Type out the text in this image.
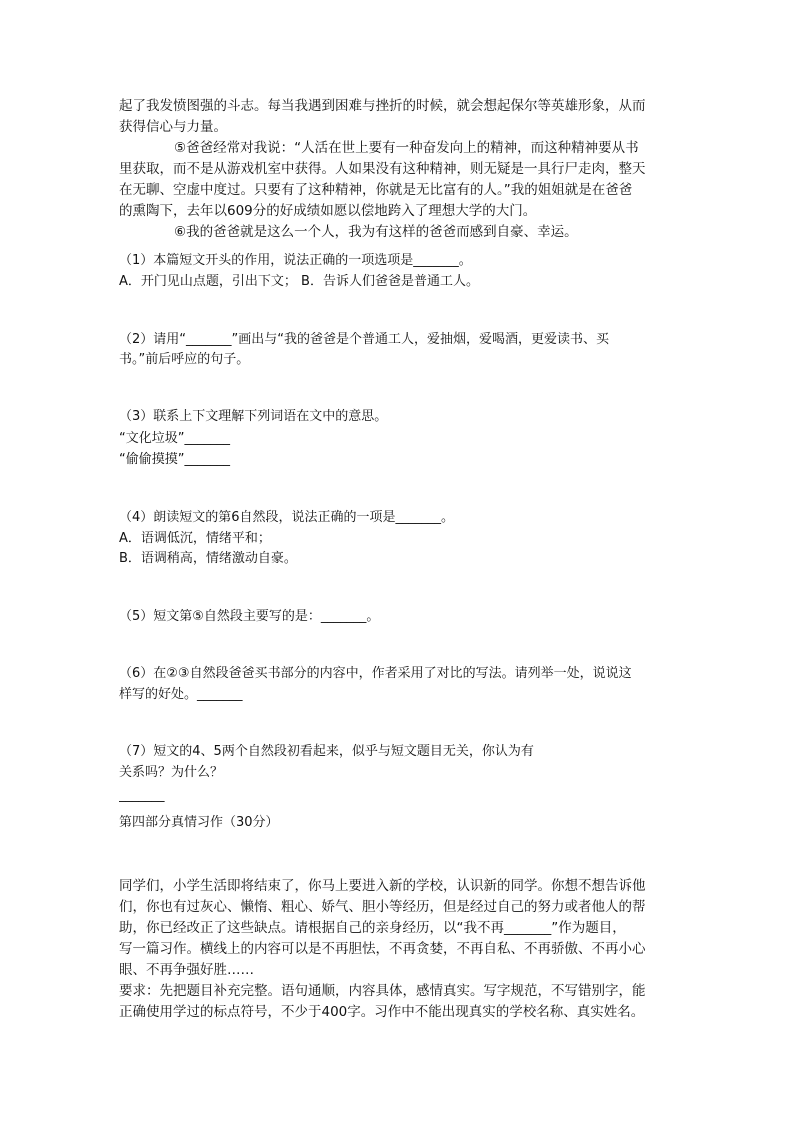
起了我发愤图强的斗志。每当我遇到困难与挫折的时候，就会想起保尔等英雄形象，从而
获得信心与力量。
⑤爸爸经常对我说：“人活在世上要有一种奋发向上的精神，而这种精神要从书
里获取，而不是从游戏机室中获得。人如果没有这种精神，则无疑是一具行尸走肉，整天
在无聊、空虚中度过。只要有了这种精神，你就是无比富有的人。”我的姐姐就是在爸爸
的熏陶下，去年以609分的好成绩如愿以偿地跨入了理想大学的大门。
⑥我的爸爸就是这么一个人，我为有这样的爸爸而感到自豪、幸运。
（1）本篇短文开头的作用，说法正确的一项选项是_______。
A．开门见山点题，引出下文； B．告诉人们爸爸是普通工人。
（2）请用“_______”画出与“我的爸爸是个普通工人，爱抽烟，爱喝酒，更爱读书、买
书。”前后呼应的句子。
（3）联系上下文理解下列词语在文中的意思。
“文化垃圾”_______
“偷偷摸摸”_______
（4）朗读短文的第6自然段，说法正确的一项是_______。
A．语调低沉，情绪平和；
B．语调稍高，情绪激动自豪。
（5）短文第⑤自然段主要写的是：_______。
（6）在②③自然段爸爸买书部分的内容中，作者采用了对比的写法。请列举一处，说说这
样写的好处。_______
（7）短文的4、5两个自然段初看起来，似乎与短文题目无关，你认为有
关系吗？为什么？
_______
第四部分真情习作（30分）
同学们，小学生活即将结束了，你马上要进入新的学校，认识新的同学。你想不想告诉他
们，你也有过灰心、懒惰、粗心、娇气、胆小等经历，但是经过自己的努力或者他人的帮
助，你已经改正了这些缺点。请根据自己的亲身经历，以“我不再_______”作为题目，
写一篇习作。横线上的内容可以是不再胆怯，不再贪婪，不再自私、不再骄傲、不再小心
眼、不再争强好胜……
要求：先把题目补充完整。语句通顺，内容具体，感情真实。写字规范，不写错别字，能
正确使用学过的标点符号，不少于400字。习作中不能出现真实的学校名称、真实姓名。
